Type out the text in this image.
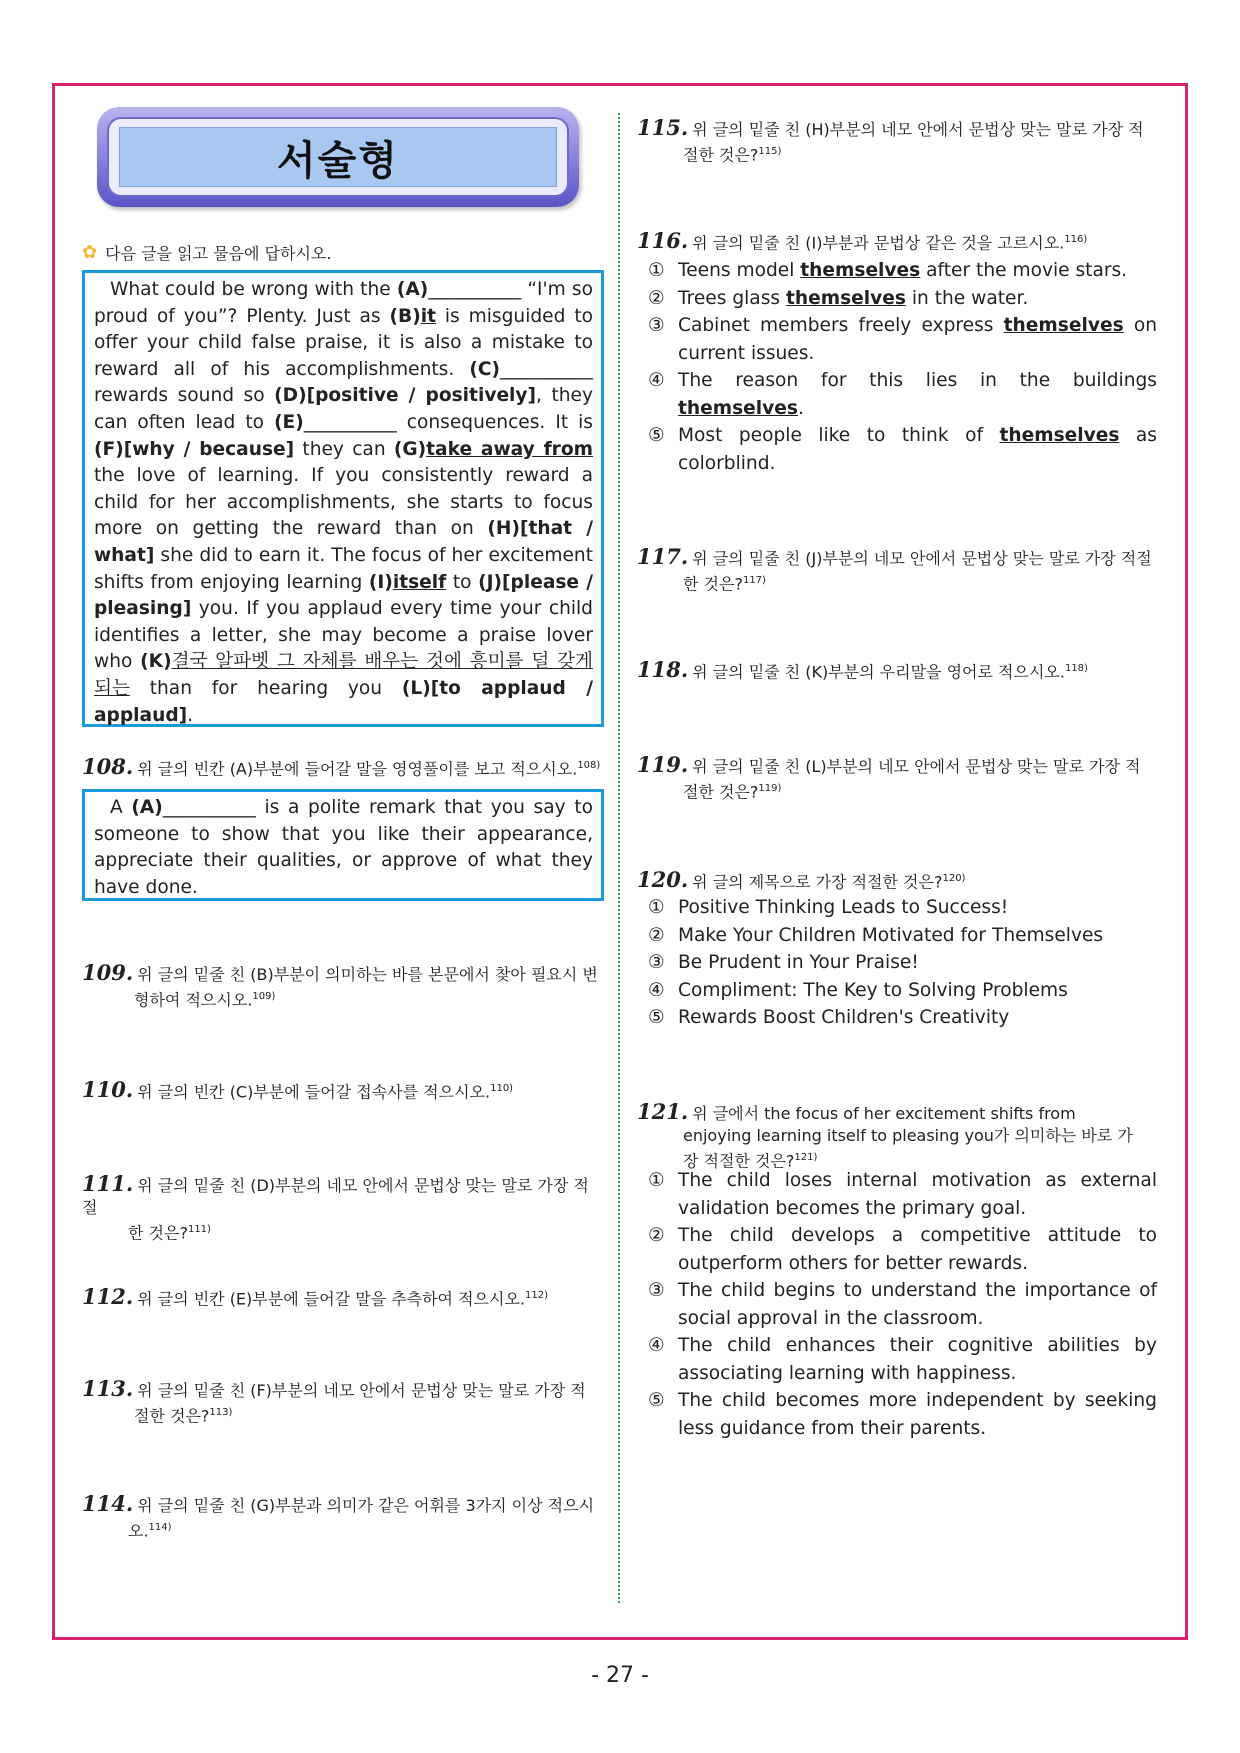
서술형
✿ 다음 글을 읽고 물음에 답하시오.

What could be wrong with the (A)__________ “I'm so proud of you”? Plenty. Just as (B)it is misguided to offer your child false praise, it is also a mistake to reward all of his accomplishments. (C)__________ rewards sound so (D)[positive / positively], they can often lead to (E)__________ consequences. It is (F)[why / because] they can (G)take away from the love of learning. If you consistently reward a child for her accomplishments, she starts to focus more on getting the reward than on (H)[that / what] she did to earn it. The focus of her excitement shifts from enjoying learning (I)itself to (J)[please / pleasing] you. If you applaud every time your child identifies a letter, she may become a praise lover who (K)결국 알파벳 그 자체를 배우는 것에 흥미를 덜 갖게 되는 than for hearing you (L)[to applaud / applaud].

108. 위 글의 빈칸 (A)부분에 들어갈 말을 영영풀이를 보고 적으시오.$^{108)}$

A (A)__________ is a polite remark that you say to someone to show that you like their appearance, appreciate their qualities, or approve of what they have done.

109. 위 글의 밑줄 친 (B)부분이 의미하는 바를 본문에서 찾아 필요시 변
형하여 적으시오.$^{109)}$
110. 위 글의 빈칸 (C)부분에 들어갈 접속사를 적으시오.$^{110)}$
111. 위 글의 밑줄 친 (D)부분의 네모 안에서 문법상 맞는 말로 가장 적절
한 것은?$^{111)}$
112. 위 글의 빈칸 (E)부분에 들어갈 말을 추측하여 적으시오.$^{112)}$
113. 위 글의 밑줄 친 (F)부분의 네모 안에서 문법상 맞는 말로 가장 적
절한 것은?$^{113)}$
114. 위 글의 밑줄 친 (G)부분과 의미가 같은 어휘를 3가지 이상 적으시
오.$^{114)}$
115. 위 글의 밑줄 친 (H)부분의 네모 안에서 문법상 맞는 말로 가장 적
절한 것은?$^{115)}$
116. 위 글의 밑줄 친 (I)부분과 문법상 같은 것을 고르시오.$^{116)}$
① Teens model themselves after the movie stars.
② Trees glass themselves in the water.
③ Cabinet members freely express themselves on current issues.
④ The reason for this lies in the buildings themselves.
⑤ Most people like to think of themselves as colorblind.
117. 위 글의 밑줄 친 (J)부분의 네모 안에서 문법상 맞는 말로 가장 적절
한 것은?$^{117)}$
118. 위 글의 밑줄 친 (K)부분의 우리말을 영어로 적으시오.$^{118)}$
119. 위 글의 밑줄 친 (L)부분의 네모 안에서 문법상 맞는 말로 가장 적
절한 것은?$^{119)}$
120. 위 글의 제목으로 가장 적절한 것은?$^{120)}$
① Positive Thinking Leads to Success!
② Make Your Children Motivated for Themselves
③ Be Prudent in Your Praise!
④ Compliment: The Key to Solving Problems
⑤ Rewards Boost Children's Creativity
121. 위 글에서 the focus of her excitement shifts from
enjoying learning itself to pleasing you가 의미하는 바로 가
장 적절한 것은?$^{121)}$
① The child loses internal motivation as external validation becomes the primary goal.
② The child develops a competitive attitude to outperform others for better rewards.
③ The child begins to understand the importance of social approval in the classroom.
④ The child enhances their cognitive abilities by associating learning with happiness.
⑤ The child becomes more independent by seeking less guidance from their parents.
- 27 -
